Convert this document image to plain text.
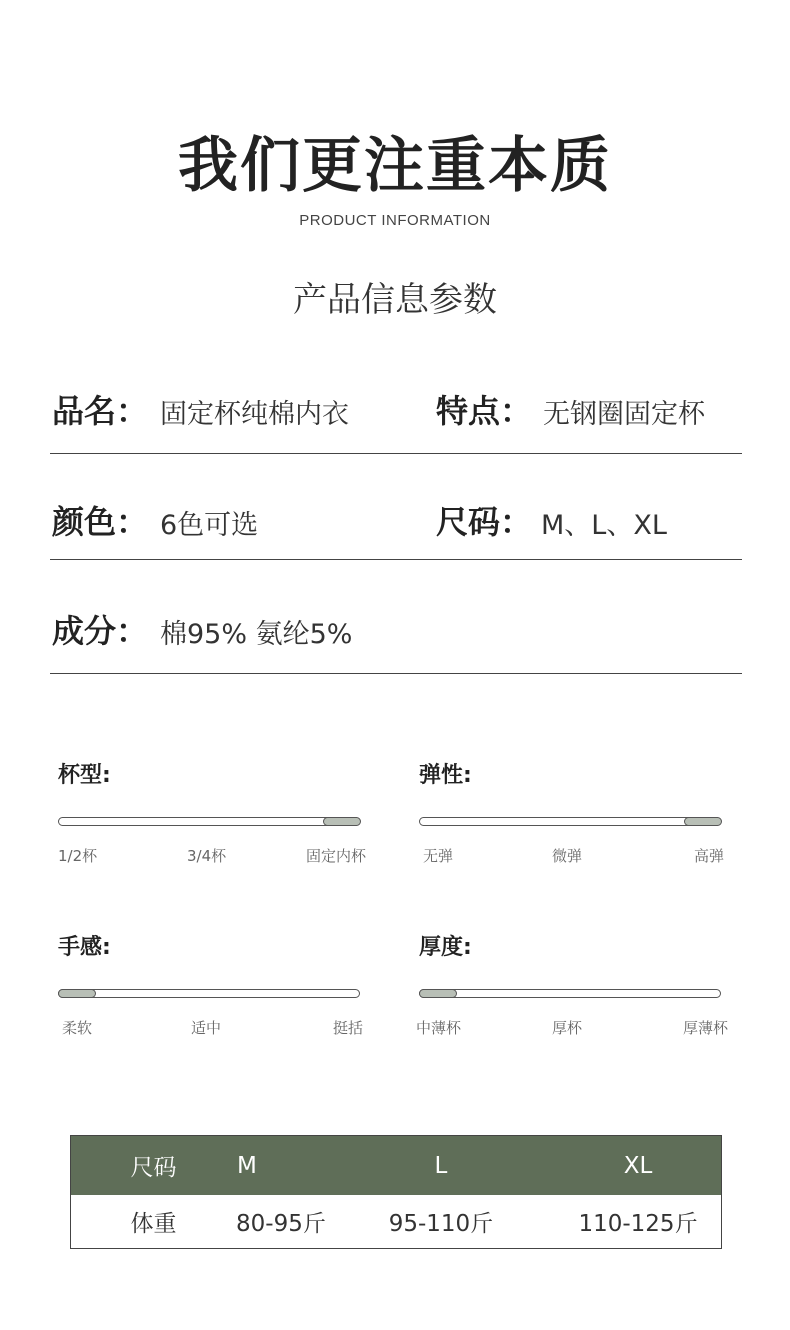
我们更注重本质
PRODUCT INFORMATION
产品信息参数
品名： 固定杯纯棉内衣	特点： 无钢圈固定杯
颜色： 6色可选	尺码： M、L、XL
成分： 棉95% 氨纶5%
杯型:
1/2杯	3/4杯	固定内杯
弹性:
无弹	微弹	高弹
手感:
柔软	适中	挺括
厚度:
中薄杯	厚杯	厚薄杯
尺码	M	L	XL
体重	80-95斤	95-110斤	110-125斤
